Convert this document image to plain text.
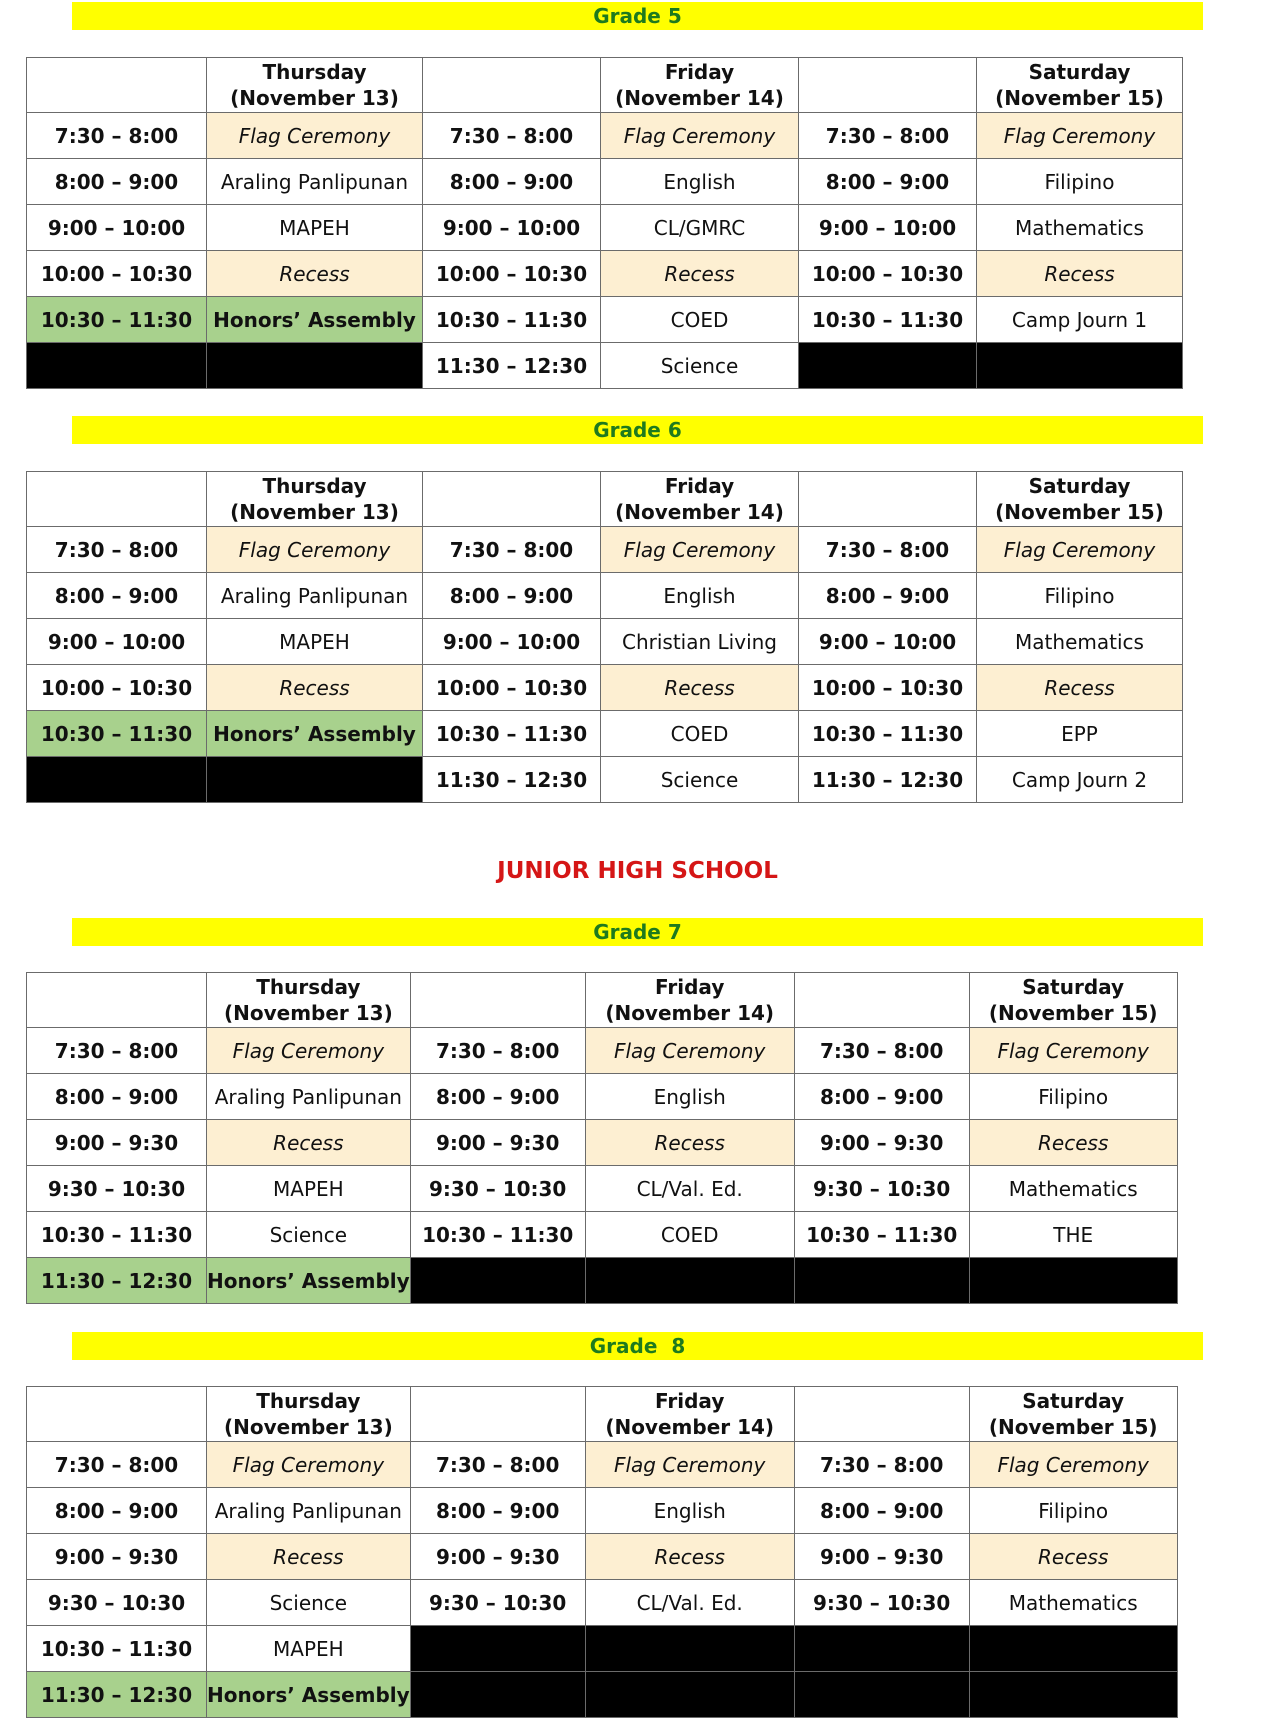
Grade 5
	Thursday
(November 13)		Friday
(November 14)		Saturday
(November 15)
7:30 – 8:00	Flag Ceremony	7:30 – 8:00	Flag Ceremony	7:30 – 8:00	Flag Ceremony
8:00 – 9:00	Araling Panlipunan	8:00 – 9:00	English	8:00 – 9:00	Filipino
9:00 – 10:00	MAPEH	9:00 – 10:00	CL/GMRC	9:00 – 10:00	Mathematics
10:00 – 10:30	Recess	10:00 – 10:30	Recess	10:00 – 10:30	Recess
10:30 – 11:30	Honors’ Assembly	10:30 – 11:30	COED	10:30 – 11:30	Camp Journ 1
		11:30 – 12:30	Science		
Grade 6
	Thursday
(November 13)		Friday
(November 14)		Saturday
(November 15)
7:30 – 8:00	Flag Ceremony	7:30 – 8:00	Flag Ceremony	7:30 – 8:00	Flag Ceremony
8:00 – 9:00	Araling Panlipunan	8:00 – 9:00	English	8:00 – 9:00	Filipino
9:00 – 10:00	MAPEH	9:00 – 10:00	Christian Living	9:00 – 10:00	Mathematics
10:00 – 10:30	Recess	10:00 – 10:30	Recess	10:00 – 10:30	Recess
10:30 – 11:30	Honors’ Assembly	10:30 – 11:30	COED	10:30 – 11:30	EPP
		11:30 – 12:30	Science	11:30 – 12:30	Camp Journ 2
JUNIOR HIGH SCHOOL
Grade 7
	Thursday
(November 13)		Friday
(November 14)		Saturday
(November 15)
7:30 – 8:00	Flag Ceremony	7:30 – 8:00	Flag Ceremony	7:30 – 8:00	Flag Ceremony
8:00 – 9:00	Araling Panlipunan	8:00 – 9:00	English	8:00 – 9:00	Filipino
9:00 – 9:30	Recess	9:00 – 9:30	Recess	9:00 – 9:30	Recess
9:30 – 10:30	MAPEH	9:30 – 10:30	CL/Val. Ed.	9:30 – 10:30	Mathematics
10:30 – 11:30	Science	10:30 – 11:30	COED	10:30 – 11:30	THE
11:30 – 12:30	Honors’ Assembly				
Grade  8
	Thursday
(November 13)		Friday
(November 14)		Saturday
(November 15)
7:30 – 8:00	Flag Ceremony	7:30 – 8:00	Flag Ceremony	7:30 – 8:00	Flag Ceremony
8:00 – 9:00	Araling Panlipunan	8:00 – 9:00	English	8:00 – 9:00	Filipino
9:00 – 9:30	Recess	9:00 – 9:30	Recess	9:00 – 9:30	Recess
9:30 – 10:30	Science	9:30 – 10:30	CL/Val. Ed.	9:30 – 10:30	Mathematics
10:30 – 11:30	MAPEH				
11:30 – 12:30	Honors’ Assembly				
